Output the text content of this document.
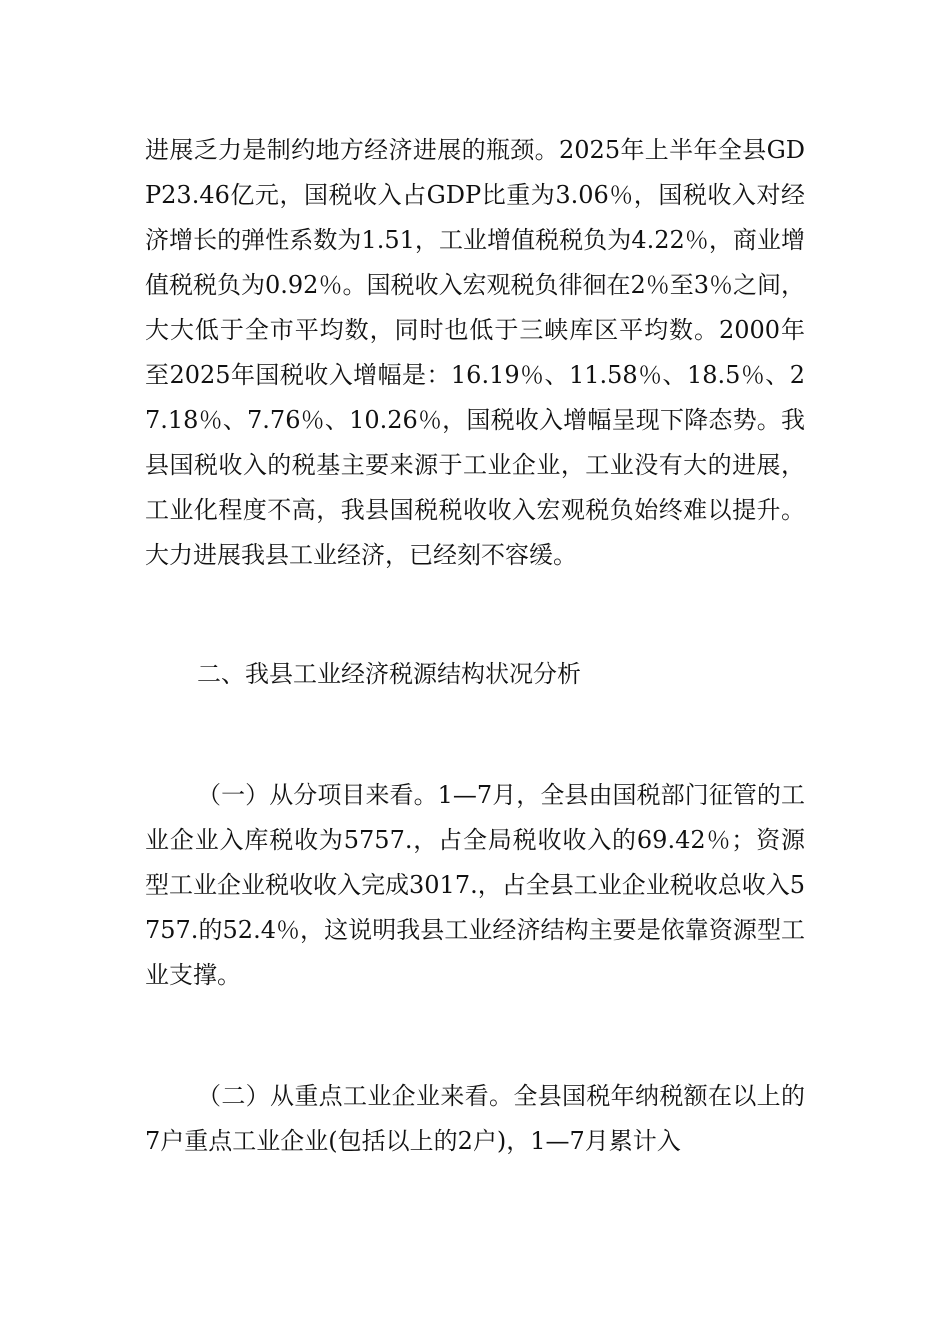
进展乏力是制约地方经济进展的瓶颈。2025年上半年全县GDP23.46亿元，国税收入占GDP比重为3.06％，国税收入对经济增长的弹性系数为1.51，工业增值税税负为4.22％，商业增值税税负为0.92％。国税收入宏观税负徘徊在2％至3％之间，大大低于全市平均数，同时也低于三峡库区平均数。2000年至2025年国税收入增幅是：16.19％、11.58％、18.5％、27.18％、7.76％、10.26％，国税收入增幅呈现下降态势。我县国税收入的税基主要来源于工业企业，工业没有大的进展，工业化程度不高，我县国税税收收入宏观税负始终难以提升。大力进展我县工业经济，已经刻不容缓。

二、我县工业经济税源结构状况分析

（一）从分项目来看。1—7月，全县由国税部门征管的工业企业入库税收为5757.，占全局税收收入的69.42％；资源型工业企业税收收入完成3017.，占全县工业企业税收总收入5757.的52.4％，这说明我县工业经济结构主要是依靠资源型工业支撑。

（二）从重点工业企业来看。全县国税年纳税额在以上的7户重点工业企业(包括以上的2户)，1—7月累计入
